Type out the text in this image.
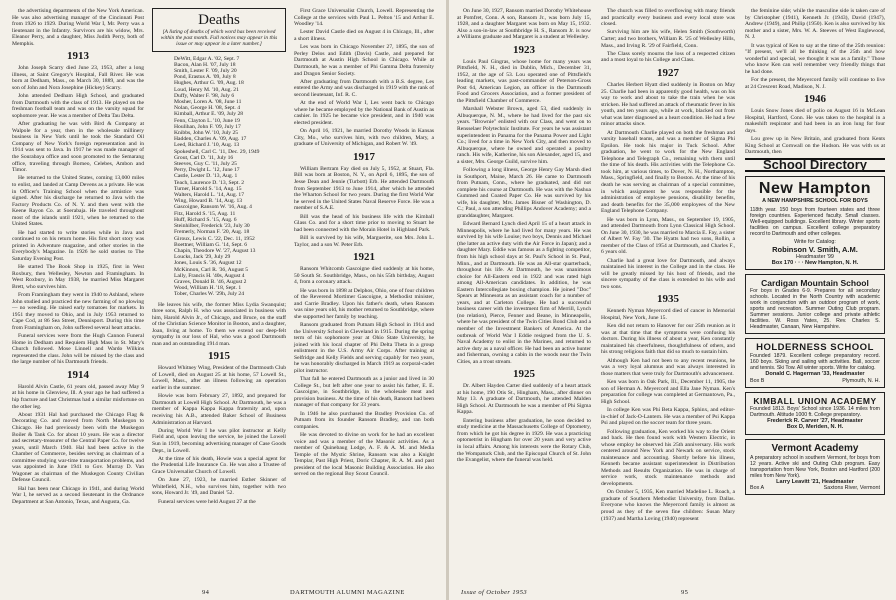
the advertising departments of the New York American. He was also advertising manager of the Cincinnati Post from 1926 to 1929. During World War I, Mr. Perry was a lieutenant in the Infantry. Survivors are his widow, Mrs. Eleanor Perry, and a daughter, Miss Judith Perry, both of Memphis.

1913

John Joseph Scarry died June 23, 1953, after a long illness, at Saint Gregory's Hospital, Fall River. He was born at Dedham, Mass., on March 30, 1889, and was the son of John and Nora Josephine (Hickey) Scarry.

John attended Dedham High School, and graduated from Dartmouth with the class of 1913. He played on the freshman football team and was on the varsity squad for sophomore year. He was a member of Delta Tau Delta.

After graduating he was with Bird & Company at Walpole for a year, then in the wholesale millinery business in New York until he took the Standard Oil Company of New York's foreign representation and in 1914 was sent to Java. In 1917 he was made manager of the Sourabaya office and soon promoted to the Semarang office, traveling through Borneo, Celebes, Ambon and Timor.

He returned to the United States, coming 13,000 miles to enlist, and landed at Camp Devens as a private. He was in Officer's Training School when the armistice was signed. After his discharge he returned to Java with the Factory Products Co. of N. Y. and then went with the Keene Rayon Co. at Soerabaja. He traveled throughout most of the islands until 1921, when he returned to the United States.

He had started to write stories while in Java and continued to on his return home. His first short story was printed in Adventure magazine, and other stories in the Everybody's Magazine. In 1926 he sold stories to The Saturday Evening Post.

He started The Book Shop in 1925, first in West Roxbury, then Wellesley, Newton and Framingham. In West Roxbury, in May 1938, he married Miss Margaret Brett, who survives him.

From Framingham they went in 1940 to Ashland, where John studied and practiced the new farming of no plowing — no weeding. He raised early tomatoes for markets. In 1951 they moved to Ohio, and in July 1953 returned to Cape Cod, at 86 Sea Street, Dennisport. During this time from Framingham on, John suffered several heart attacks.

Funeral services were from the Hugh Cannon Funeral Home in Dedham and Requiem High Mass in St. Mary's Church followed. Mose Linnell and Wardo Wilkins represented the class. John will be missed by the class and the large number of his Dartmouth friends.

1914

Harold Alvin Castle, 61 years old, passed away May 9 at his home in Glenview, Ill. A year ago he had suffered a hip fracture and last Christmas had a similar misfortune on the other leg.

About 1931 Hal had purchased the Chicago Flag & Decorating Co. and moved from North Muskegon to Chicago. He had previously been with the Muskegon Boiler & Tank Co. for about 10 years. He was a director and secretary-treasurer of the Central Paper Co. for twelve years, until March 1940. Hal had been active in the Chamber of Commerce, besides serving as chairman of a committee studying war-time transportation problems, and was appointed in June 1941 to Gov. Murray D. Van Wagoner as chairman of the Muskegon County Civilian Defense Council.

Hal has been near Chicago in 1941, and during World War I, he served as a second lieutenant in the Ordnance Department at San Antonio, Texas, and Augusta, Ga.

Deaths
[A listing of deaths of which word has been received within the past month. Full notices may appear in this issue or may appear in a later number.]
DeWitt, Edgar A. '02, Sept. 7
Bacon, Alan H. '07, July 18
Smith, Lester F. '09, July 20
Pond, Erastus A. '09, July 8
Hughes, Arthur G. '09, Aug. 18
Loud, Henry M. '10, Aug. 21
Duffy, Walter F. '98, July 6
Mosher, Loren A. '08, June 11
Nolan, George H. '08, Sept. 4
Kimball, Arthur E. '09, July 28
Fenn, Clayton L. '10, June 19
Houlihan, John F. '09, July 17
Knibbs, John W. '10, July 25
Hadden, Charles A. '09, Aug. 17
Leed, Richard J. '10, Aug. 13
Spokeshell, Carl C. '11, Dec. 29, 1949
Grout, Carl D. '11, July 16
Steeves, Guy C. '11, July 25
Perry, Dwight L. '12, June 17
Castle, Lester D. '13, Aug. 1
Teach, Laurence D. '13, Sept. 2
Turner, Harold S. '14, Aug. 15
Walters, Harold L. '14, Aug. 17
Wing, Howard B. '14, Aug. 13
Gascoigne, Ransom W. '16, Aug. 4
Fitz, Harold S. '15, Aug. 11
Huff, Richard S. '15, Aug. 6
Steinhilber, Frederick '23, July 30
Fremerly, Norman F. '20, Aug. 18
Giroux, Lewis C. '22, Dec. 11, 1952
Boettner, William G. '14, Sept. 6
Chapin, Theodore W. '27, August 13
Loucks, Jack '29, July 29
Jones, Louis S. '36, August 12
McKinnon, Carl R. '36, August 5
Lally, Francis H. '40s, August 4
Graves, Donald B. '46, August 2
Wood, William H. '18, Sept. 1
Tober, Charles W. '29h, July 24

He leaves his wife, the former Miss Lydia Swanquist; three sons, Ralph H. who was associated in business with him, Harold Alvin Jr., of Chicago, and Bruce, on the staff of the Christian Science Monitor in Boston, and a daughter, Joan, living at home. To them we extend our deep-felt sympathy in our loss of Hal, who was a good Dartmouth man and an outstanding 1914 man.

1915

Howard Whitney Wing, President of the Dartmouth Club of Lowell, died on August 25 at his home, 57 Lowell St., Lowell, Mass., after an illness following an operation earlier in the summer.

Howie was born February 27, 1892, and prepared for Dartmouth at Lowell High School. At Dartmouth, he was a member of Kappa Kappa Kappa fraternity and, upon receiving his A.B., attended Baker School of Business Administration at Harvard.

During World War I he was pilot instructor at Kelly Field and, upon leaving the service, he joined the Lowell Sun in 1919, becoming advertising manager of Case Goods Dept., in Lowell.

At the time of his death, Howie was a special agent for the Prudential Life Insurance Co. He was also a Trustee of Grace Universalist Church of Lowell.

On June 27, 1923, he married Esther Skinner of Whitefield, N.H., who survives him, together with two sons, Howard Jr. '49, and Daniel '52.

Funeral services were held August 27 at the

First Grace Universalist Church, Lowell. Representing the College at the services with Paul L. Pelton '15 and Arthur E. Woodley '14.

Lester David Castle died on August 4 in Chicago, Ill., after a short illness.

Les was born in Chicago November 27, 1895, the son of Perley Delos and Edith (Davis) Castle, and prepared for Dartmouth at Austin High School in Chicago. While at Dartmouth, he was a member of Phi Gamma Delta fraternity and Dragon Senior Society.

After graduating from Dartmouth with a B.S. degree, Les entered the Army and was discharged in 1919 with the rank of second lieutenant, Inf. R. C.

At the end of World War I, Les went back to Chicago where he became employed by the National Bank of Austin as cashier. In 1925 he became vice president, and in 1940 was elected president.

On April 16, 1921, he married Dorothy Woods in Kansas City, Mo., who survives him, with two children, Mary, a graduate of University of Michigan, and Robert W. '49.

1917

William Bertram Fay died on July 5, 1952, at Stuart, Fla. Bill was born at Boston, N. Y., on April 6, 1895, the son of Jesse Dean and Jennie (Turbott) Erb. He attended Dartmouth from September 1913 to June 1914, after which he attended the Wharton School for two years. During the first World War he served in the United States Naval Reserve Force. He was a member of S.A.E.

Bill was the head of his business life with the Kimball Glass Co. and for a short time prior to moving to Stuart he had been connected with the Morain Hotel in Highland Park.

Bill is survived by his wife, Marguerite, son Mrs. John L. Taylor, and a son W. Peter Erb.

1921

Ransom Whitcomb Gascoigne died suddenly at his home, 50 South St. Southbridge, Mass., on his 55th birthday, August 4, from a coronary attack.

He was born in 1898 at Delphos, Ohio, one of four children of the Reverend Mortimer Gascoigne, a Methodist minister, and Carrie Bradley. Upon his father's death, when Ransom was nine years old, his mother returned to Southbridge, where she supported her family by teaching.

Ransom graduated from Putnam High School in 1914 and the University School in Cleveland in 1915. During the spring term of his sophomore year at Ohio State University, he joined with his local chapter of Phi Delta Theta in a group enlistment in the U.S. Army Air Corps. After training at Selfridge and Kelly Fields and serving capably for two years, he was honorably discharged in March 1919 as corporal-cadet pilot instructor.

That fall he entered Dartmouth as a junior and lived in 30 College St., but left after one year to assist his father, E. E. Gascoigne, in Southbridge, in the wholesale meat and provision business. At the time of his death, Ransom had been manager of that company for 33 years.

In 1946 he also purchased the Bradley Provision Co. of Putnam from its founder Ransom Bradley, and ran both companies.

He was devoted to divine on work for he had an excellent voice and was a member of the Masonic activities. As a member of Quinebaug Lodge, A. F. & A. M. and Media Temple of the Mystic Shrine, Ransom was also a Knight Templar, Past High Priest, Doric Chapter, R. A. M. and past president of the local Masonic Building Association. He also served on the regional Boy Scout Council.

94	DARTMOUTH ALUMNI MAGAZINE

On June 30, 1927, Ransom married Dorothy Whitehouse at Pomfret, Conn. A son, Ransom Jr., was born July 15, 1928, and a daughter Margaret was born on May 15, 1932. Also a son-in-law at Southbridge H. S., Ransom Jr. is now a Williams graduate and Margaret is a student at Wellesley.

1923

Louis Paul Gingras, whose home for many years was Pittsfield, N. H., died in Dublin, Mich., December 31, 1952, at the age of 53. Lou operated one of Pittsfield's leading markets, was past-commander of Peterson-Gross Post 64, American Legion, an officer in the Dartmouth Food and Grocers Association, and a former president of the Pittsfield Chamber of Commerce.

Marshall Webster Brown, aged 53, died suddenly in Albuquerque, N. M., where he had lived for the past six years. "Brownie" enlisted with our Class, and went on to Rensselaer Polytechnic Institute. For years he was assistant superintendent in Panama for the Panama Power and Light Co.; lived for a time in New York City, and then moved to Albuquerque, where he owned and operated a poultry ranch. His wife, Katherine, his son Alexander, aged 15, and a sister, Mrs. George Guild, survive him.

Following a long illness, George Henry Gay Marsh died in Southport, Maine, March 26. He came to Dartmouth from Putnam, Conn., where he graduated, and did not complete his course at Dartmouth. He was with the Nashua Gummed and Coated Paper Co. He was survived by his wife, his daughter, Mrs. James Bisner of Washington, D. C.; Paul, a son attending Phillips Andover Academy; and a granddaughter, Margaret.

Edward Bernard Lynch died April 15 of a heart attack in Minneapolis, where he had lived for many years. He was survived by his wife Louise; two boys, Dennis and Michael (the latter an active duty with the Air Force in Japan); and a daughter Mary. Eddie was famous as a fighting competitor, from his high school days at St. Paul's School in St. Paul, Minn., and at Dartmouth. He was an All-star quarterback, throughout his life. At Dartmouth, he was unanimous choice for All-Eastern end in 1922 and was rated high among All-American candidates. In addition, he was Eastern Intercollegiate boxing champion. He joined "Doc" Spears at Minnesota as an assistant coach for a number of years, and at Carleton College. He had a successful business career with the investment firm of Merrill, Lynch (no relation), Pierce, Fenner and Beane, in Minneapolis, where he was president of the Twin Cities Bond Club and a member of the Investment Bankers of America. At the outbreak of World War I Eddie resigned from the U. S. Naval Academy to enlist in the Marines, and returned to active duty as a naval officer. He had been an active hunter and fisherman, owning a cabin in the woods near the Twin Cities, an a trout stream.

1925

Dr. Albert Hayden Carter died suddenly of a heart attack at his home, 190 Otis St., Hingham, Mass., after dinner on May 13. A graduate of Dartmouth, he attended Malden High School. At Dartmouth he was a member of Phi Sigma Kappa.

Entering business after graduation, he soon decided to study medicine at the Massachusetts College of Optometry, from which he got his degree in 1929. He was a practicing optometrist in Hingham for over 20 years and very active in local affairs. Among his interests were the Rotary Club, the Wompatuck Club, and the Episcopal Church of St. John the Evangelist, where the funeral was held.

The church was filled to overflowing with many friends and practically every business and every local store was closed.

Surviving him are his wife, Helen Smith (Southworth) Carter; and two brothers, William R. '25 of Wellesley Hills, Mass., and Irving R. '29 of Fairfield, Conn.

The Class sorely mourns the loss of a respected citizen and a most loyal to his College and Class.

1927

Charles Herbert Hyatt died suddenly in Boston on May 25. Charlie had been in apparently good health, was on his way to work and about to take the train when he was stricken. He had suffered an attack of rheumatic fever in his youth, and ten years ago, while at work, blacked out from what was later diagnosed as a heart condition. He had a few minor attacks since.

At Dartmouth Charlie played on both the freshman and varsity baseball teams, and was a member of Sigma Phi Epsilon. He took his major in Tuck School. After graduation, he went to work for the New England Telephone and Telegraph Co., remaining with them until the time of his death. His activities with the Telephone Co. took him, at various times, to Dover, N. H., Northampton, Mass., Springfield, and finally to Boston. At the time of his death he was serving as chairman of a special committee, in which assignment he was responsible for the administration of employee pensions, disability benefits, and death benefits for the 35,000 employees of the New England Telephone Company.

He was born in Lynn, Mass., on September 19, 1905, and attended Dartmouth from Lynn Classical High School. On June 30, 1930, he was married to Marcia E. Fay, a sister of Albert W. Fay '30. The Hyatts had two sons, Rollin, a member of the Class of 1954 at Dartmouth, and Charles F., 6 years old.

Charlie had a great love for Dartmouth, and always maintained his interest in the College and in the class. He will be greatly missed by his host of friends, and the sincere sympathy of the class is extended to his wife and two sons.

1935

Kenneth Nyman Meyercord died of cancer in Memorial Hospital, New York, June 15.

Ken did not return to Hanover for our 25th reunion as it was at that time that the symptoms were confusing his doctors. During his illness of about a year, Ken constantly maintained his cheerfulness, thoughtfulness of others, and his strong religious faith that did so much to sustain him.

Although Ken had not been to any recent reunions, he was a very loyal alumnus and was always interested in those matters that were truly for Dartmouth's advancement.

Ken was born in Oak Park, Ill., December 11, 1905, the son of Herman A. Meyercord and Ella Jane Nyman. Ken's preparation for college was completed at Germantown, Pa., High School.

In college Ken was Phi Beta Kappa, Sphinx, and editor-in-chief of Jack-O-Lantern. He was a member of Psi Kappa Psi and played on the soccer team for three years.

Following graduation, Ken worked his way to the Orient and back. He then found work with Western Electric, in whose employ he observed his 25th anniversary. His work centered around New York and Newark on service, stock maintenance and accounting. Shortly before his illness, Kenneth became assistant superintendent in Distribution Methods and Results Organization. He was in charge of service work, stock maintenance methods and developments.

On October 5, 1935, Ken married Madeline L. Roach, a graduate of Southern Methodist University, from Dallas. Everyone who knows the Meyercord family is almost as proud as they of the seven fine children: Susan Mary (1937) and Martha Loving (1940) represent

the feminine side; while the masculine side is taken care of by Christopher (1941), Kenneth Jr. (1943), David (1947), Andrew (1949), and Philip (1950). Ken is also survived by his mother and a sister, Mrs. W. A. Steeves of West Englewood, N. J.

It was typical of Ken to say at the time of the 25th reunion: "If present, we'll all be thinking of the 25th and how wonderful and special, we thought it was as a family." Those who know Ken can well remember very friendly things that he had done.

For the present, the Meyercord family will continue to live at 24 Crescent Road, Madison, N. J.

1946

Louis Snow Jones died of polio on August 16 in McLean Hospital, Hartford, Conn. He was taken to the hospital in a makeshift respirator and had been in an iron lung for four days.

Lou grew up in New Britain, and graduated from Kents King School at Cornwall on the Hudson. He was with us at Dartmouth, then

School Directory
New Hampton
A NEW HAMPSHIRE SCHOOL FOR BOYS
118th year. 150 boys from fourteen states and three foreign countries. Experienced faculty. Small classes. Well-equipped buildings. Excellent library. Winter sports facilities on campus. Excellent college preparatory record to Dartmouth and other colleges.
Write for Catalog:
Robinson V. Smith, A.M.
Headmaster '99
Box 170 · · · New Hampton, N. H.
Cardigan Mountain School
For boys in Grades 6-9. Prepares for all secondary schools. Located in the North Country with academic work in conjunction with an outdoor program of work, sports and recreation. Summer Outing Club program. Summer sessions. Junior college and private athletic facilities. W. Ross Yates, 25. Rev. Charles S. Headmaster, Canaan, New Hampshire.
HOLDERNESS SCHOOL
Founded 1879. Excellent college preparatory record. 160 boys. Skiing and sailing with activities. Ball, soccer and tennis. Ski Tow. All winter sports. Write for catalog.
Donald C. Hagerman '33, Headmaster
Box B	Plymouth, N. H.
KIMBALL UNION ACADEMY
Founded 1813. Boys' School since 1936. 14 miles from Dartmouth. Altitude 1000 ft. College preparatory.
Frederick R. Carver '27, Headmaster
Box D, Meriden, N. H.
Vermont Academy
A preparatory school in southern Vermont, for boys from 12 years. Active ski and Outing Club program. Easy transportation from New York, Boston and Hartford (200 miles from New York).
Larry Leavitt '21, Headmaster
Box A	Saxtons River, Vermont
Issue of October 1953	95
